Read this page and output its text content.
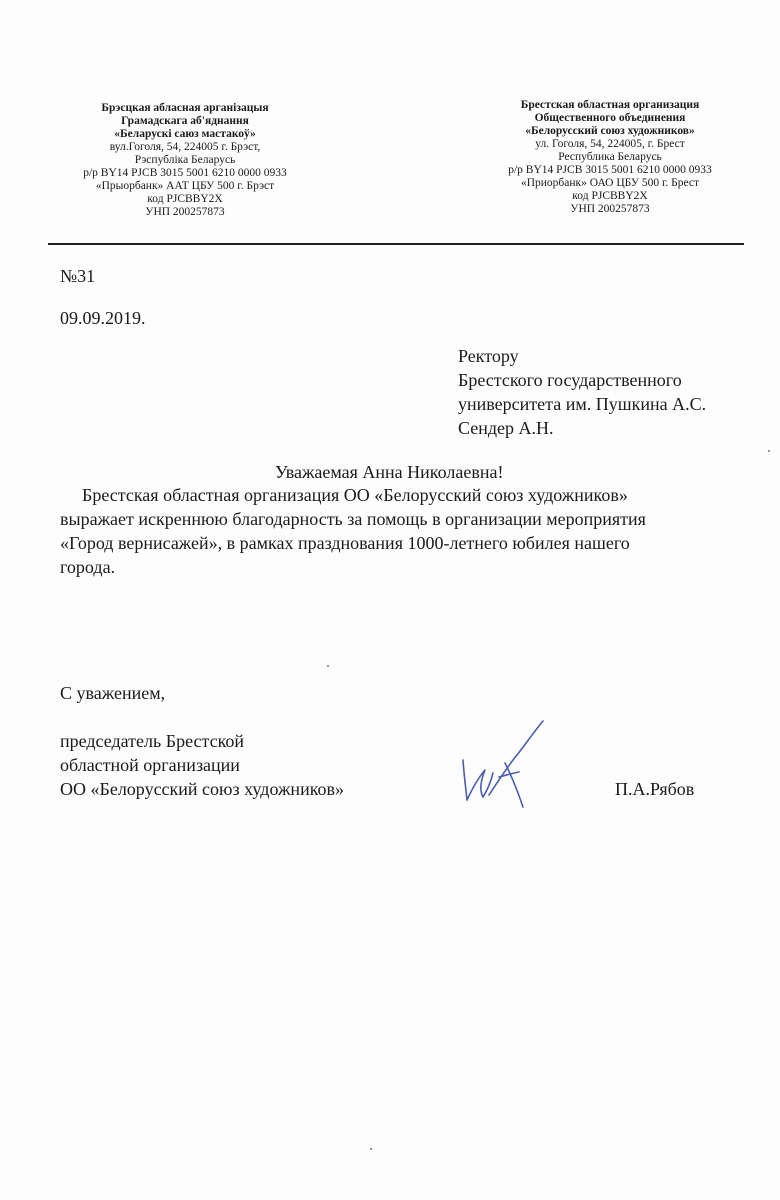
Брэсцкая абласная арганізацыя
Грамадскага аб'яднання
«Беларускі саюз мастакоў»
вул.Гоголя, 54, 224005 г. Брэст,
Рэспубліка Беларусь
р/р BY14 PJCB 3015 5001 6210 0000 0933
«Прыорбанк» ААТ ЦБУ 500 г. Брэст
код PJCBBY2X
УНП 200257873
Брестская областная организация
Общественного объединения
«Белорусский союз художников»
ул. Гоголя, 54, 224005, г. Брест
Республика Беларусь
р/р BY14 PJCB 3015 5001 6210 0000 0933
«Приорбанк» ОАО ЦБУ 500 г. Брест
код PJCBBY2X
УНП 200257873
№31
09.09.2019.
Ректору
Брестского государственного
университета им. Пушкина А.С.
Сендер А.Н.
Уважаемая Анна Николаевна!
Брестская областная организация ОО «Белорусский союз художников»
выражает искреннюю благодарность за помощь в организации мероприятия
«Город вернисажей», в рамках празднования 1000-летнего юбилея нашего
города.
С уважением,
председатель Брестской
областной организации
ОО «Белорусский союз художников»	П.А.Рябов
